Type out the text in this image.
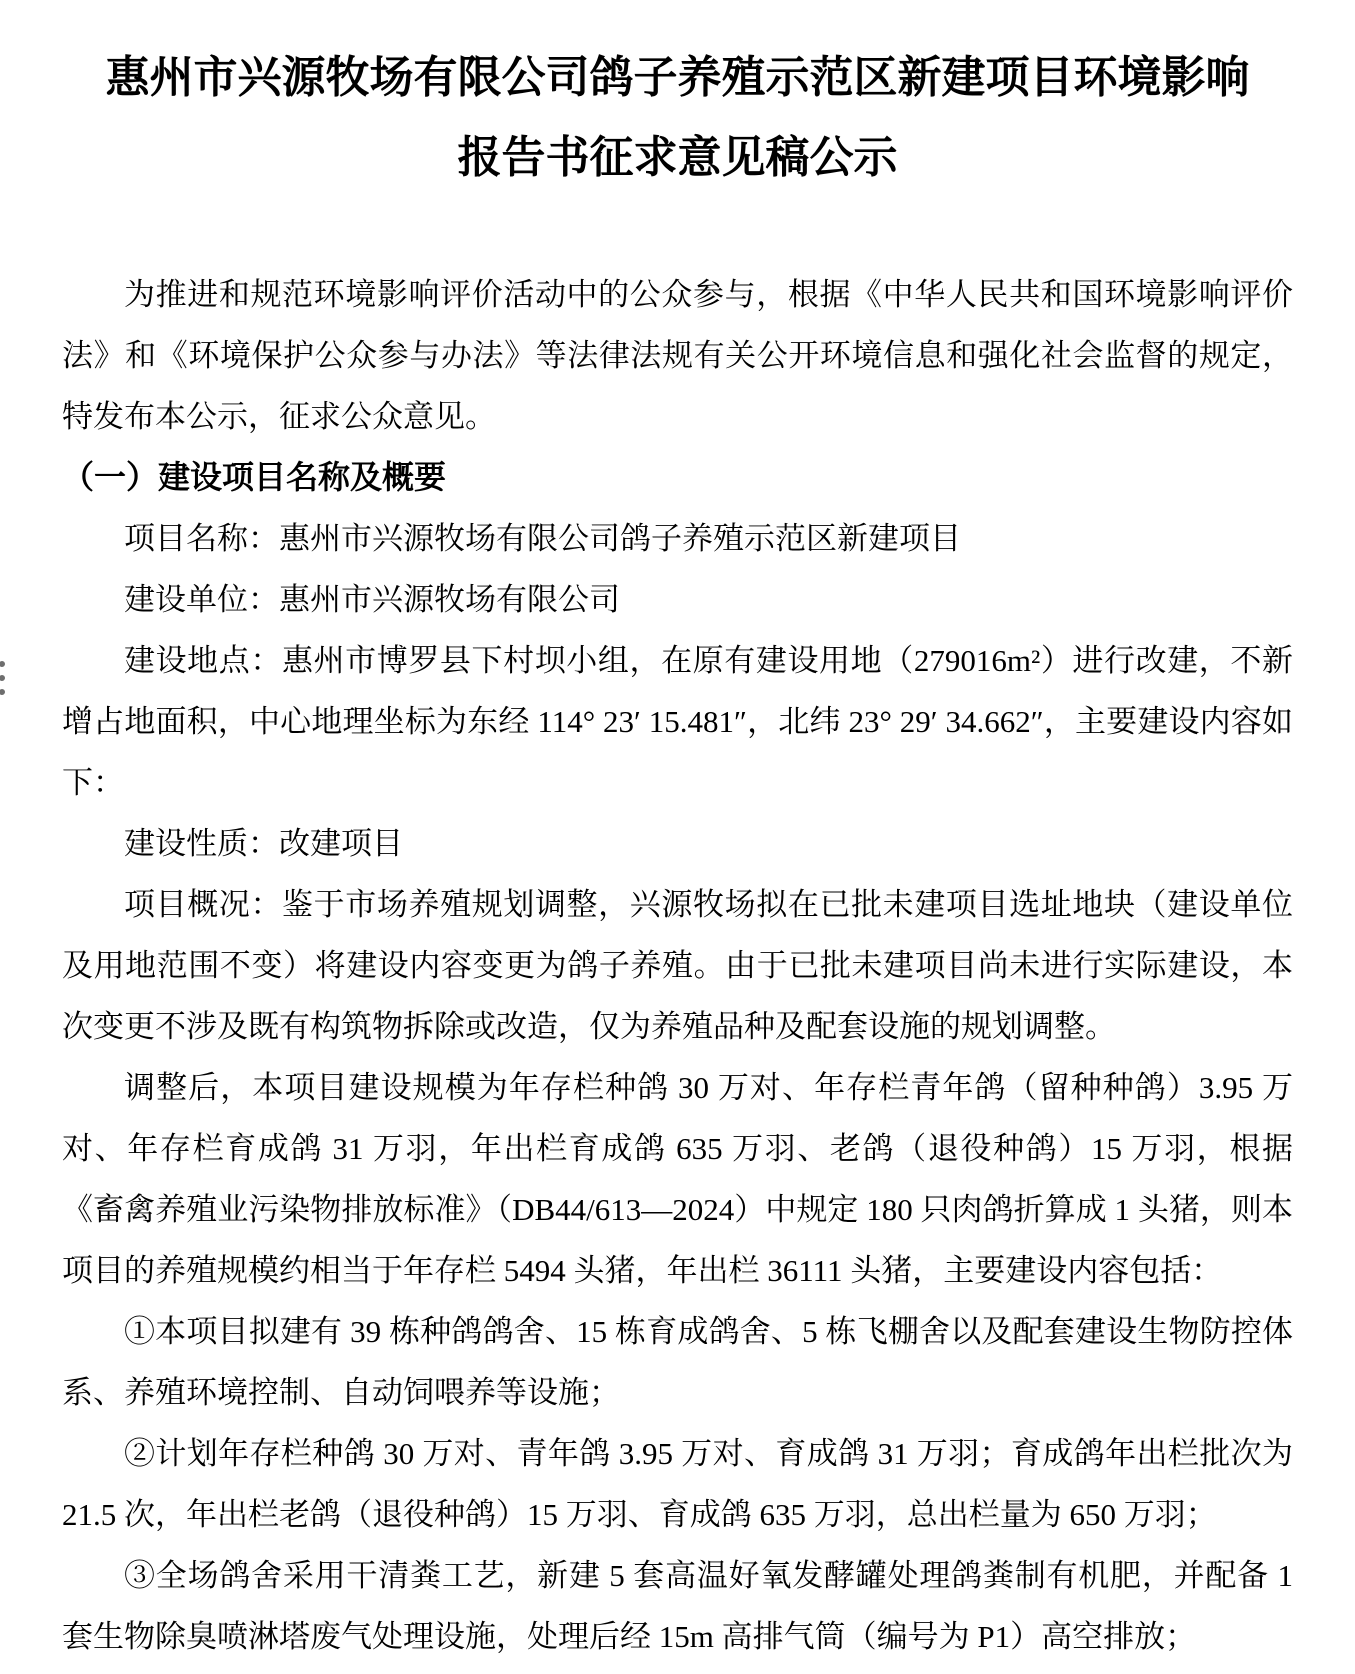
惠州市兴源牧场有限公司鸽子养殖示范区新建项目环境影响
报告书征求意见稿公示

为推进和规范环境影响评价活动中的公众参与，根据《中华人民共和国环境影响评价法》和《环境保护公众参与办法》等法律法规有关公开环境信息和强化社会监督的规定，特发布本公示，征求公众意见。

（一）建设项目名称及概要

项目名称：惠州市兴源牧场有限公司鸽子养殖示范区新建项目

建设单位：惠州市兴源牧场有限公司

建设地点：惠州市博罗县下村坝小组，在原有建设用地（279016m²）进行改建，不新增占地面积，中心地理坐标为东经 114° 23′ 15.481″，北纬 23° 29′ 34.662″，主要建设内容如下：

建设性质：改建项目

项目概况：鉴于市场养殖规划调整，兴源牧场拟在已批未建项目选址地块（建设单位及用地范围不变）将建设内容变更为鸽子养殖。由于已批未建项目尚未进行实际建设，本次变更不涉及既有构筑物拆除或改造，仅为养殖品种及配套设施的规划调整。

调整后，本项目建设规模为年存栏种鸽 30 万对、年存栏青年鸽（留种种鸽）3.95 万对、年存栏育成鸽 31 万羽，年出栏育成鸽 635 万羽、老鸽（退役种鸽）15 万羽，根据《畜禽养殖业污染物排放标准》（DB44/613—2024）中规定 180 只肉鸽折算成 1 头猪，则本项目的养殖规模约相当于年存栏 5494 头猪，年出栏 36111 头猪，主要建设内容包括：

①本项目拟建有 39 栋种鸽鸽舍、15 栋育成鸽舍、5 栋飞棚舍以及配套建设生物防控体系、养殖环境控制、自动饲喂养等设施；

②计划年存栏种鸽 30 万对、青年鸽 3.95 万对、育成鸽 31 万羽；育成鸽年出栏批次为 21.5 次，年出栏老鸽（退役种鸽）15 万羽、育成鸽 635 万羽，总出栏量为 650 万羽；

③全场鸽舍采用干清粪工艺，新建 5 套高温好氧发酵罐处理鸽粪制有机肥，并配备 1 套生物除臭喷淋塔废气处理设施，处理后经 15m 高排气筒（编号为 P1）高空排放；
